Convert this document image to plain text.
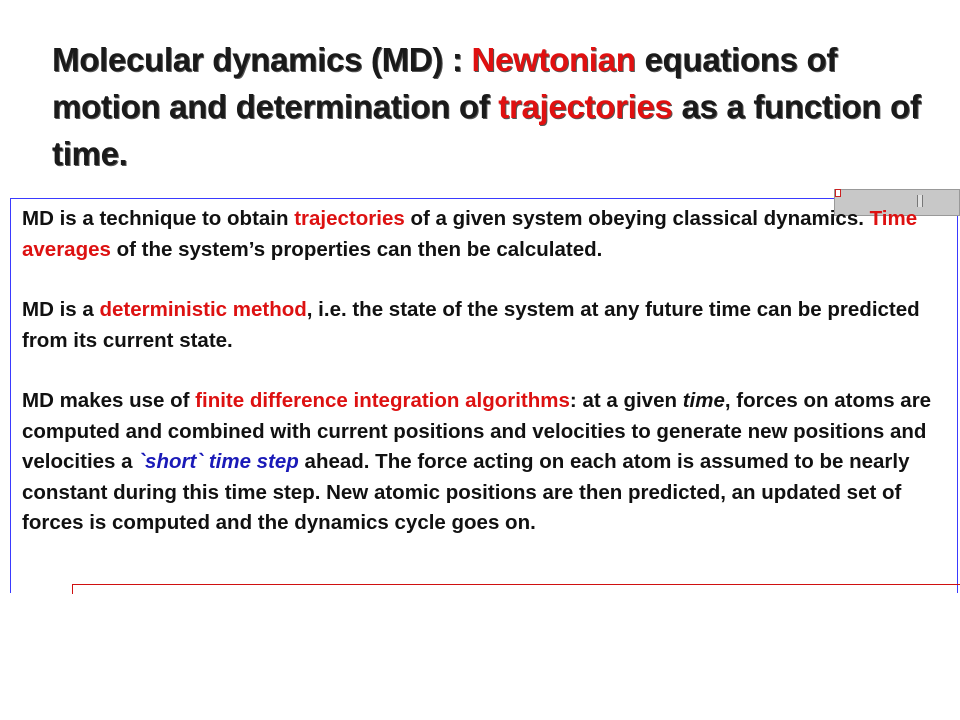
Molecular dynamics (MD) : Newtonian equations of motion and determination of trajectories as a function of time.

MD is a technique to obtain trajectories of a given system obeying classical dynamics. Time averages of the system’s properties can then be calculated.

MD is a deterministic method, i.e. the state of the system at any future time can be predicted from its current state.

MD makes use of finite difference integration algorithms: at a given time, forces on atoms are computed and combined with current positions and velocities to generate new positions and velocities a `short` time step ahead. The force acting on each atom is assumed to be nearly constant during this time step. New atomic positions are then predicted, an updated set of forces is computed and the dynamics cycle goes on.
